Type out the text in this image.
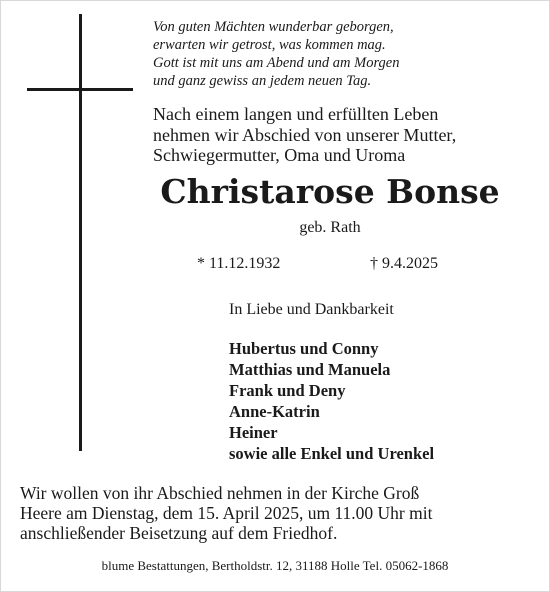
Von guten Mächten wunderbar geborgen,
erwarten wir getrost, was kommen mag.
Gott ist mit uns am Abend und am Morgen
und ganz gewiss an jedem neuen Tag.
Nach einem langen und erfüllten Leben
nehmen wir Abschied von unserer Mutter,
Schwiegermutter, Oma und Uroma
Christarose Bonse
geb. Rath
* 11.12.1932	† 9.4.2025
In Liebe und Dankbarkeit
Hubertus und Conny
Matthias und Manuela
Frank und Deny
Anne-Katrin
Heiner
sowie alle Enkel und Urenkel
Wir wollen von ihr Abschied nehmen in der Kirche Groß
Heere am Dienstag, dem 15. April 2025, um 11.00 Uhr mit
anschließender Beisetzung auf dem Friedhof.
blume Bestattungen, Bertholdstr. 12, 31188 Holle Tel. 05062-1868
